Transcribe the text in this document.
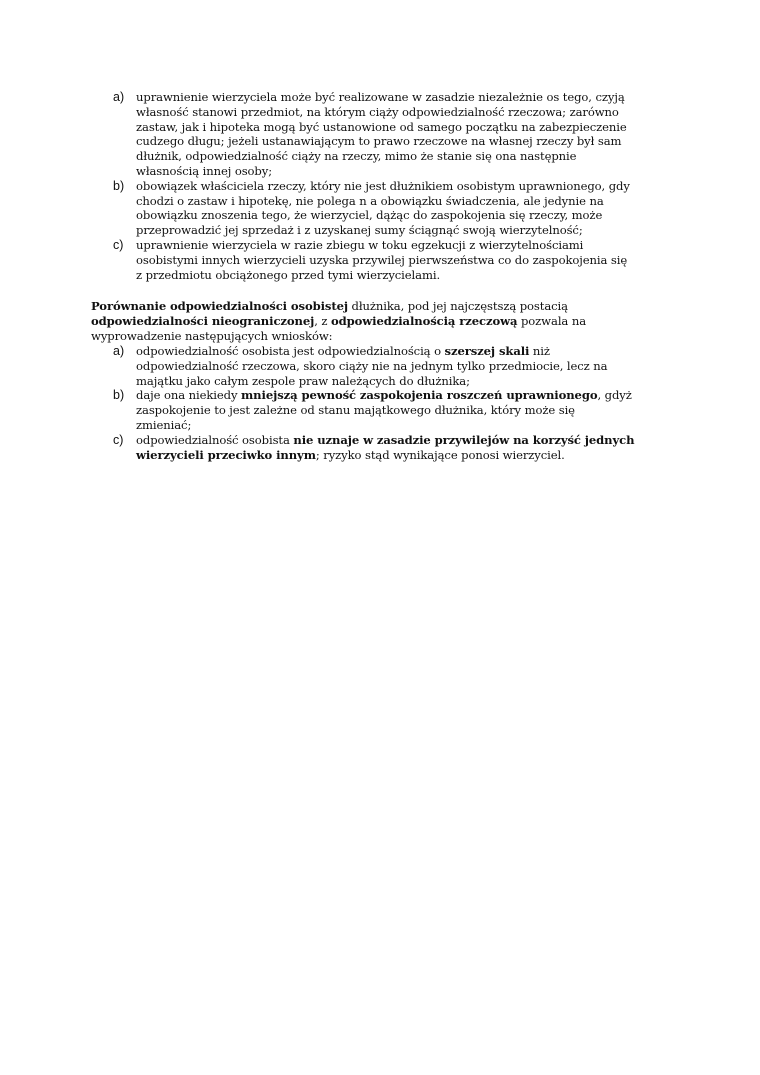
a) uprawnienie wierzyciela może być realizowane w zasadzie niezależnie os tego, czyją
własność stanowi przedmiot, na którym ciąży odpowiedzialność rzeczowa; zarówno
zastaw, jak i hipoteka mogą być ustanowione od samego początku na zabezpieczenie
cudzego długu; jeżeli ustanawiającym to prawo rzeczowe na własnej rzeczy był sam
dłużnik, odpowiedzialność ciąży na rzeczy, mimo że stanie się ona następnie
własnością innej osoby;
b) obowiązek właściciela rzeczy, który nie jest dłużnikiem osobistym uprawnionego, gdy
chodzi o zastaw i hipotekę, nie polega n a obowiązku świadczenia, ale jedynie na
obowiązku znoszenia tego, że wierzyciel, dążąc do zaspokojenia się rzeczy, może
przeprowadzić jej sprzedaż i z uzyskanej sumy ściągnąć swoją wierzytelność;
c) uprawnienie wierzyciela w razie zbiegu w toku egzekucji z wierzytelnościami
osobistymi innych wierzycieli uzyska przywilej pierwszeństwa co do zaspokojenia się
z przedmiotu obciążonego przed tymi wierzycielami.
Porównanie odpowiedzialności osobistej dłużnika, pod jej najczęstszą postacią
odpowiedzialności nieograniczonej, z odpowiedzialnością rzeczową pozwala na
wyprowadzenie następujących wniosków:
a) odpowiedzialność osobista jest odpowiedzialnością o szerszej skali niż
odpowiedzialność rzeczowa, skoro ciąży nie na jednym tylko przedmiocie, lecz na
majątku jako całym zespole praw należących do dłużnika;
b) daje ona niekiedy mniejszą pewność zaspokojenia roszczeń uprawnionego, gdyż
zaspokojenie to jest zależne od stanu majątkowego dłużnika, który może się
zmieniać;
c) odpowiedzialność osobista nie uznaje w zasadzie przywilejów na korzyść jednych
wierzycieli przeciwko innym; ryzyko stąd wynikające ponosi wierzyciel.
